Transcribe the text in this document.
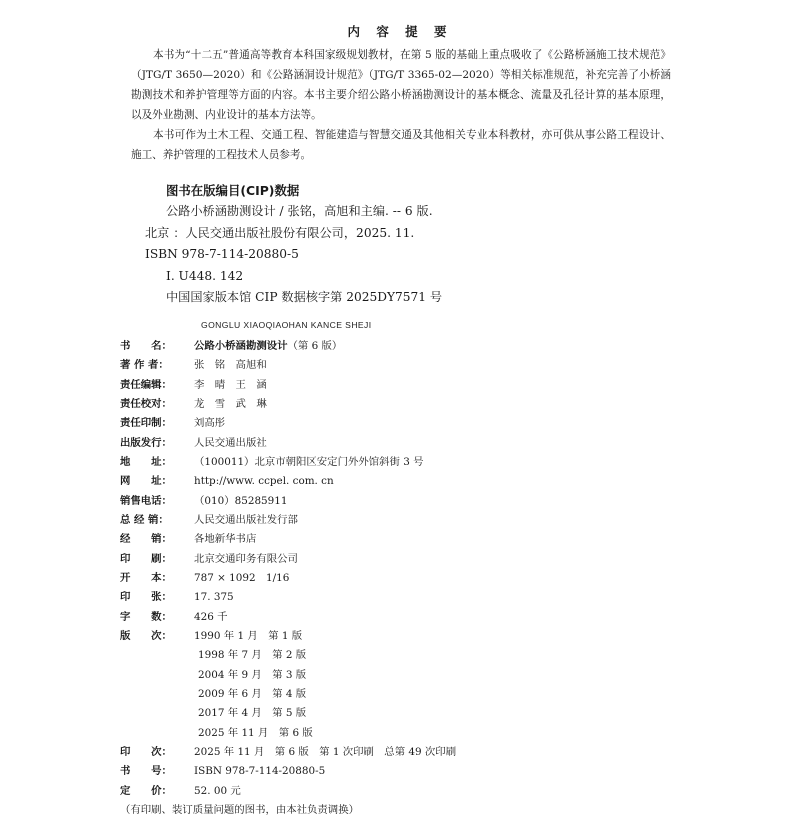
内 容 提 要

本书为“十二五”普通高等教育本科国家级规划教材，在第 5 版的基础上重点吸收了《公路桥涵施工技术规范》（JTG/T 3650—2020）和《公路涵洞设计规范》（JTG/T 3365-02—2020）等相关标准规范，补充完善了小桥涵勘测技术和养护管理等方面的内容。本书主要介绍公路小桥涵勘测设计的基本概念、流量及孔径计算的基本原理，以及外业勘测、内业设计的基本方法等。

本书可作为土木工程、交通工程、智能建造与智慧交通及其他相关专业本科教材，亦可供从事公路工程设计、施工、养护管理的工程技术人员参考。

图书在版编目(CIP)数据
公路小桥涵勘测设计 / 张铭，高旭和主编. -- 6 版.
北京 ：人民交通出版社股份有限公司，2025. 11.
ISBN 978-7-114-20880-5
Ⅰ. U448. 142
中国国家版本馆 CIP 数据核字第 2025DY7571 号
GONGLU XIAOQIAOHAN KANCE SHEJI
书　　名：	公路小桥涵勘测设计（第 6 版）
著 作 者：	张　铭　高旭和
责任编辑：	李　晴　王　涵
责任校对：	龙　雪　武　琳
责任印制：	刘高彤
出版发行：	人民交通出版社
地　　址：	（100011）北京市朝阳区安定门外外馆斜街 3 号
网　　址：	http://www. ccpel. com. cn
销售电话：	（010）85285911
总 经 销：	人民交通出版社发行部
经　　销：	各地新华书店
印　　刷：	北京交通印务有限公司
开　　本：	787 × 1092　1/16
印　　张：	17. 375
字　　数：	426 千
版　　次：	1990 年 1 月　第 1 版
1998 年 7 月　第 2 版
2004 年 9 月　第 3 版
2009 年 6 月　第 4 版
2017 年 4 月　第 5 版
2025 年 11 月　第 6 版
印　　次：	2025 年 11 月　第 6 版　第 1 次印刷　总第 49 次印刷
书　　号：	ISBN 978-7-114-20880-5
定　　价：	52. 00 元
（有印刷、装订质量问题的图书，由本社负责调换）
